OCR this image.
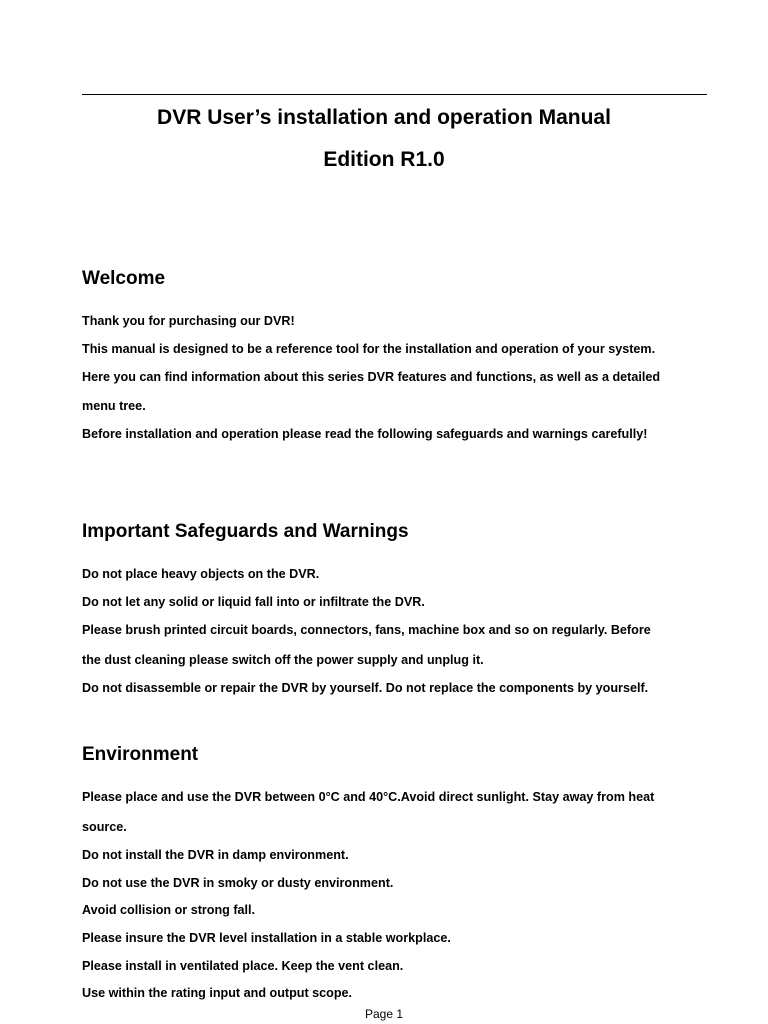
DVR User’s installation and operation Manual
Edition R1.0
Welcome
Thank you for purchasing our DVR!
This manual is designed to be a reference tool for the installation and operation of your system.
Here you can find information about this series DVR features and functions, as well as a detailed
menu tree.
Before installation and operation please read the following safeguards and warnings carefully!
Important Safeguards and Warnings
Do not place heavy objects on the DVR.
Do not let any solid or liquid fall into or infiltrate the DVR.
Please brush printed circuit boards, connectors, fans, machine box and so on regularly. Before
the dust cleaning please switch off the power supply and unplug it.
Do not disassemble or repair the DVR by yourself. Do not replace the components by yourself.
Environment
Please place and use the DVR between 0°C and 40°C.Avoid direct sunlight. Stay away from heat
source.
Do not install the DVR in damp environment.
Do not use the DVR in smoky or dusty environment.
Avoid collision or strong fall.
Please insure the DVR level installation in a stable workplace.
Please install in ventilated place. Keep the vent clean.
Use within the rating input and output scope.
Page 1
